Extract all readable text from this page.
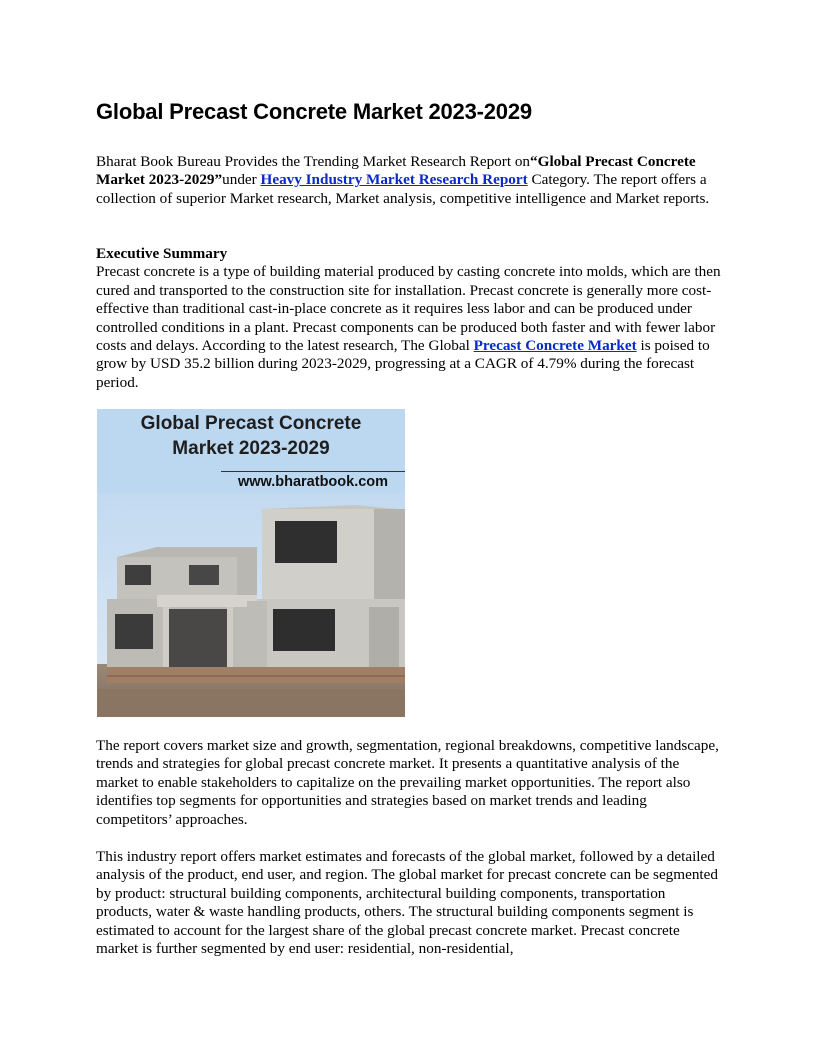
Global Precast Concrete Market 2023-2029

Bharat Book Bureau Provides the Trending Market Research Report on“Global Precast Concrete Market 2023-2029”under Heavy Industry Market Research Report Category. The report offers a collection of superior Market research, Market analysis, competitive intelligence and Market reports.

Executive Summary
Precast concrete is a type of building material produced by casting concrete into molds, which are then cured and transported to the construction site for installation. Precast concrete is generally more cost-effective than traditional cast-in-place concrete as it requires less labor and can be produced under controlled conditions in a plant. Precast components can be produced both faster and with fewer labor costs and delays. According to the latest research, The Global Precast Concrete Market is poised to grow by USD 35.2 billion during 2023-2029, progressing at a CAGR of 4.79% during the forecast period.

Global Precast Concrete
Market 2023-2029
www.bharatbook.com

The report covers market size and growth, segmentation, regional breakdowns, competitive landscape, trends and strategies for global precast concrete market. It presents a quantitative analysis of the market to enable stakeholders to capitalize on the prevailing market opportunities. The report also identifies top segments for opportunities and strategies based on market trends and leading competitors’ approaches.

This industry report offers market estimates and forecasts of the global market, followed by a detailed analysis of the product, end user, and region. The global market for precast concrete can be segmented by product: structural building components, architectural building components, transportation products, water & waste handling products, others. The structural building components segment is estimated to account for the largest share of the global precast concrete market. Precast concrete market is further segmented by end user: residential, non-residential,
